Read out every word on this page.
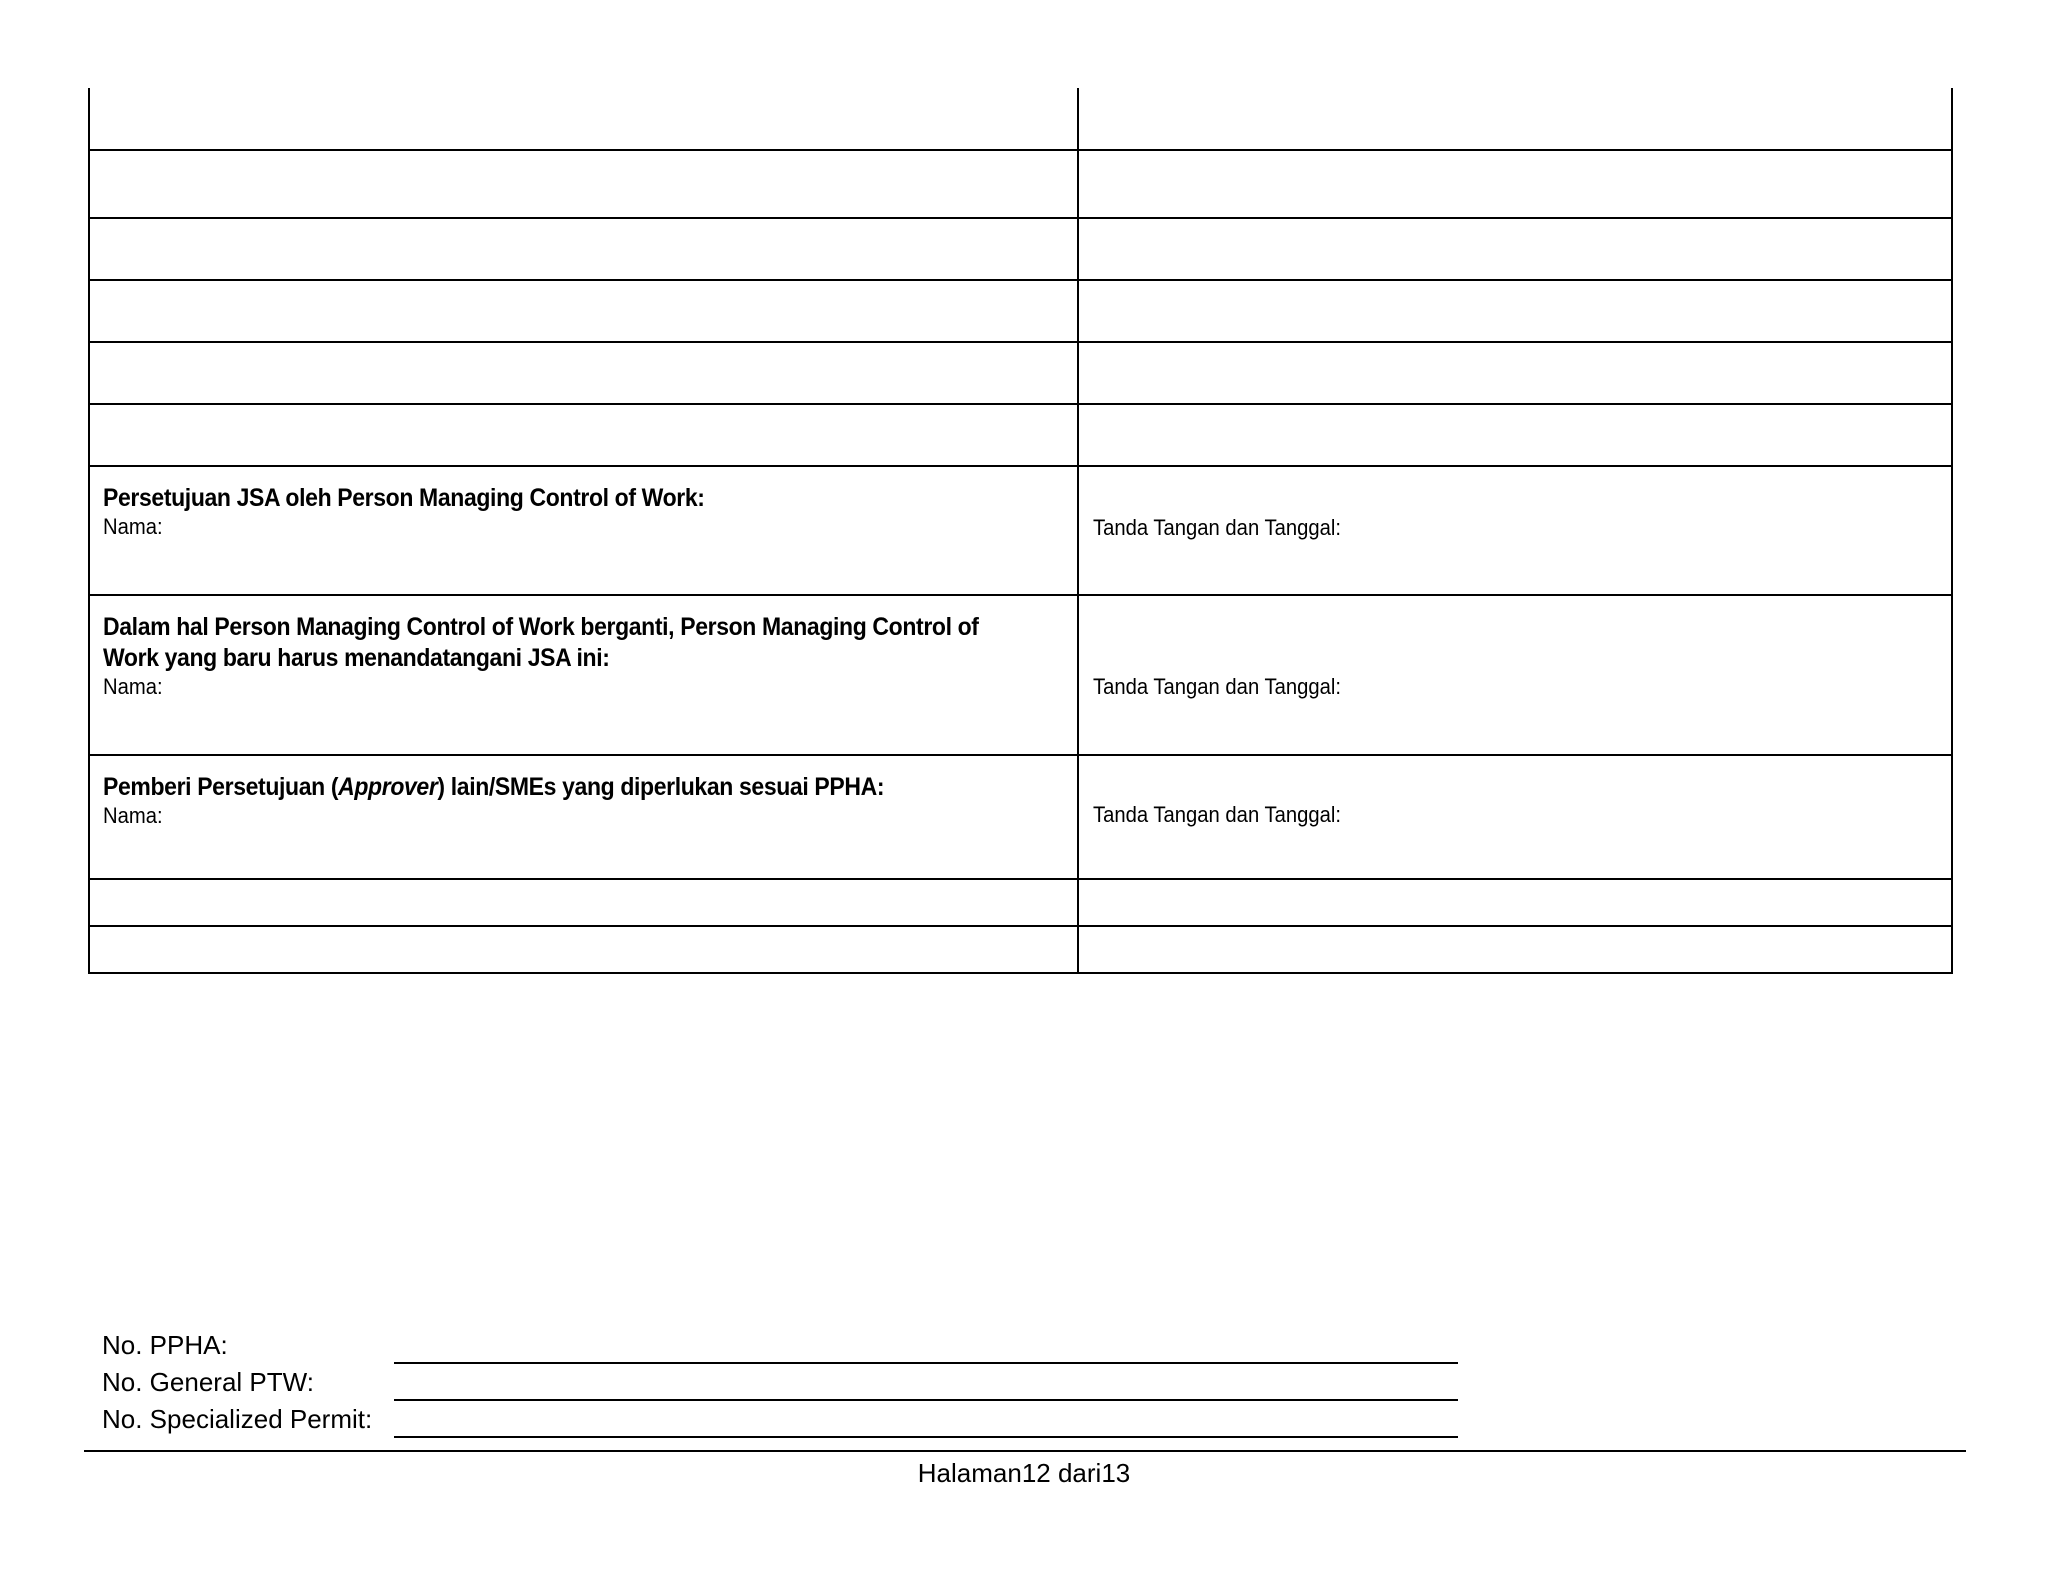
Persetujuan JSA oleh Person Managing Control of Work:
Nama:	Tanda Tangan dan Tanggal:

Dalam hal Person Managing Control of Work berganti, Person Managing Control of
Work yang baru harus menandatangani JSA ini:
Nama:	Tanda Tangan dan Tanggal:

Pemberi Persetujuan (Approver) lain/SMEs yang diperlukan sesuai PPHA:
Nama:	Tanda Tangan dan Tanggal:

No. PPHA:
No. General PTW:
No. Specialized Permit:
Halaman12 dari13
